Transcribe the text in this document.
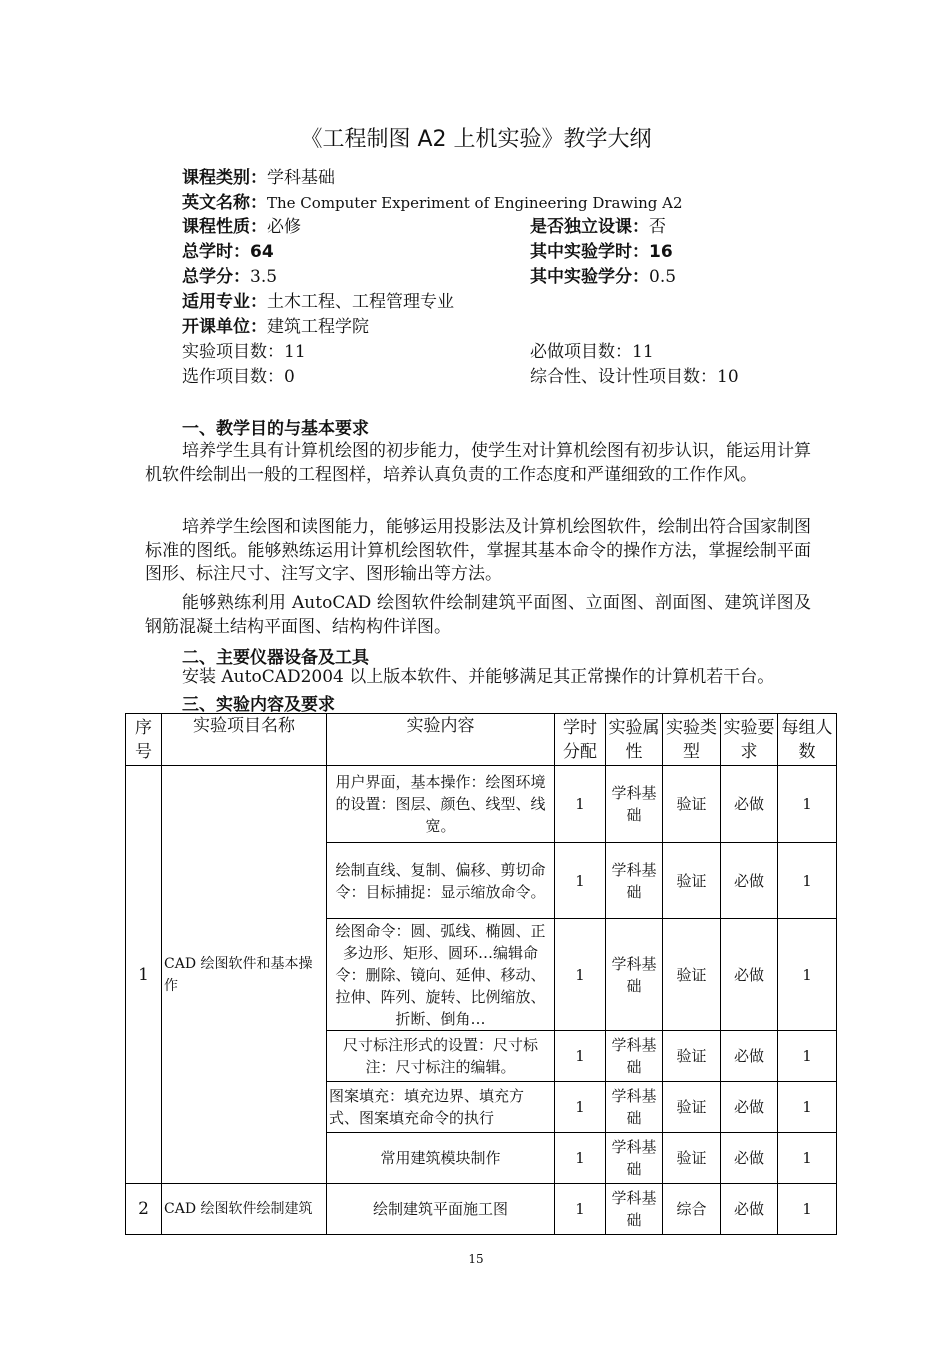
《工程制图 A2 上机实验》教学大纲
课程类别：学科基础
英文名称：The Computer Experiment of Engineering Drawing A2
课程性质：必修	是否独立设课：否
总学时：64	其中实验学时：16
总学分：3.5	其中实验学分：0.5
适用专业：土木工程、工程管理专业
开课单位：建筑工程学院
实验项目数：11	必做项目数：11
选作项目数：0	综合性、设计性项目数：10
一、教学目的与基本要求
培养学生具有计算机绘图的初步能力，使学生对计算机绘图有初步认识，能运用计算机软件绘制出一般的工程图样，培养认真负责的工作态度和严谨细致的工作作风。
培养学生绘图和读图能力，能够运用投影法及计算机绘图软件，绘制出符合国家制图标准的图纸。能够熟练运用计算机绘图软件，掌握其基本命令的操作方法，掌握绘制平面图形、标注尺寸、注写文字、图形输出等方法。
能够熟练利用 AutoCAD 绘图软件绘制建筑平面图、立面图、剖面图、建筑详图及钢筋混凝土结构平面图、结构构件详图。
二、主要仪器设备及工具
安装 AutoCAD2004 以上版本软件、并能够满足其正常操作的计算机若干台。
三、实验内容及要求
序号	实验项目名称	实验内容	学时分配	实验属性	实验类型	实验要求	每组人数
1	CAD 绘图软件和基本操作	用户界面，基本操作：绘图环境的设置：图层、颜色、线型、线宽。	1	学科基础	验证	必做	1
		绘制直线、复制、偏移、剪切命令：目标捕捉：显示缩放命令。	1	学科基础	验证	必做	1
		绘图命令：圆、弧线、椭圆、正多边形、矩形、圆环…编辑命令：删除、镜向、延伸、移动、拉伸、阵列、旋转、比例缩放、折断、倒角…	1	学科基础	验证	必做	1
		尺寸标注形式的设置：尺寸标注：尺寸标注的编辑。	1	学科基础	验证	必做	1
		图案填充：填充边界、填充方式、图案填充命令的执行	1	学科基础	验证	必做	1
		常用建筑模块制作	1	学科基础	验证	必做	1
2	CAD 绘图软件绘制建筑	绘制建筑平面施工图	1	学科基础	综合	必做	1
15
